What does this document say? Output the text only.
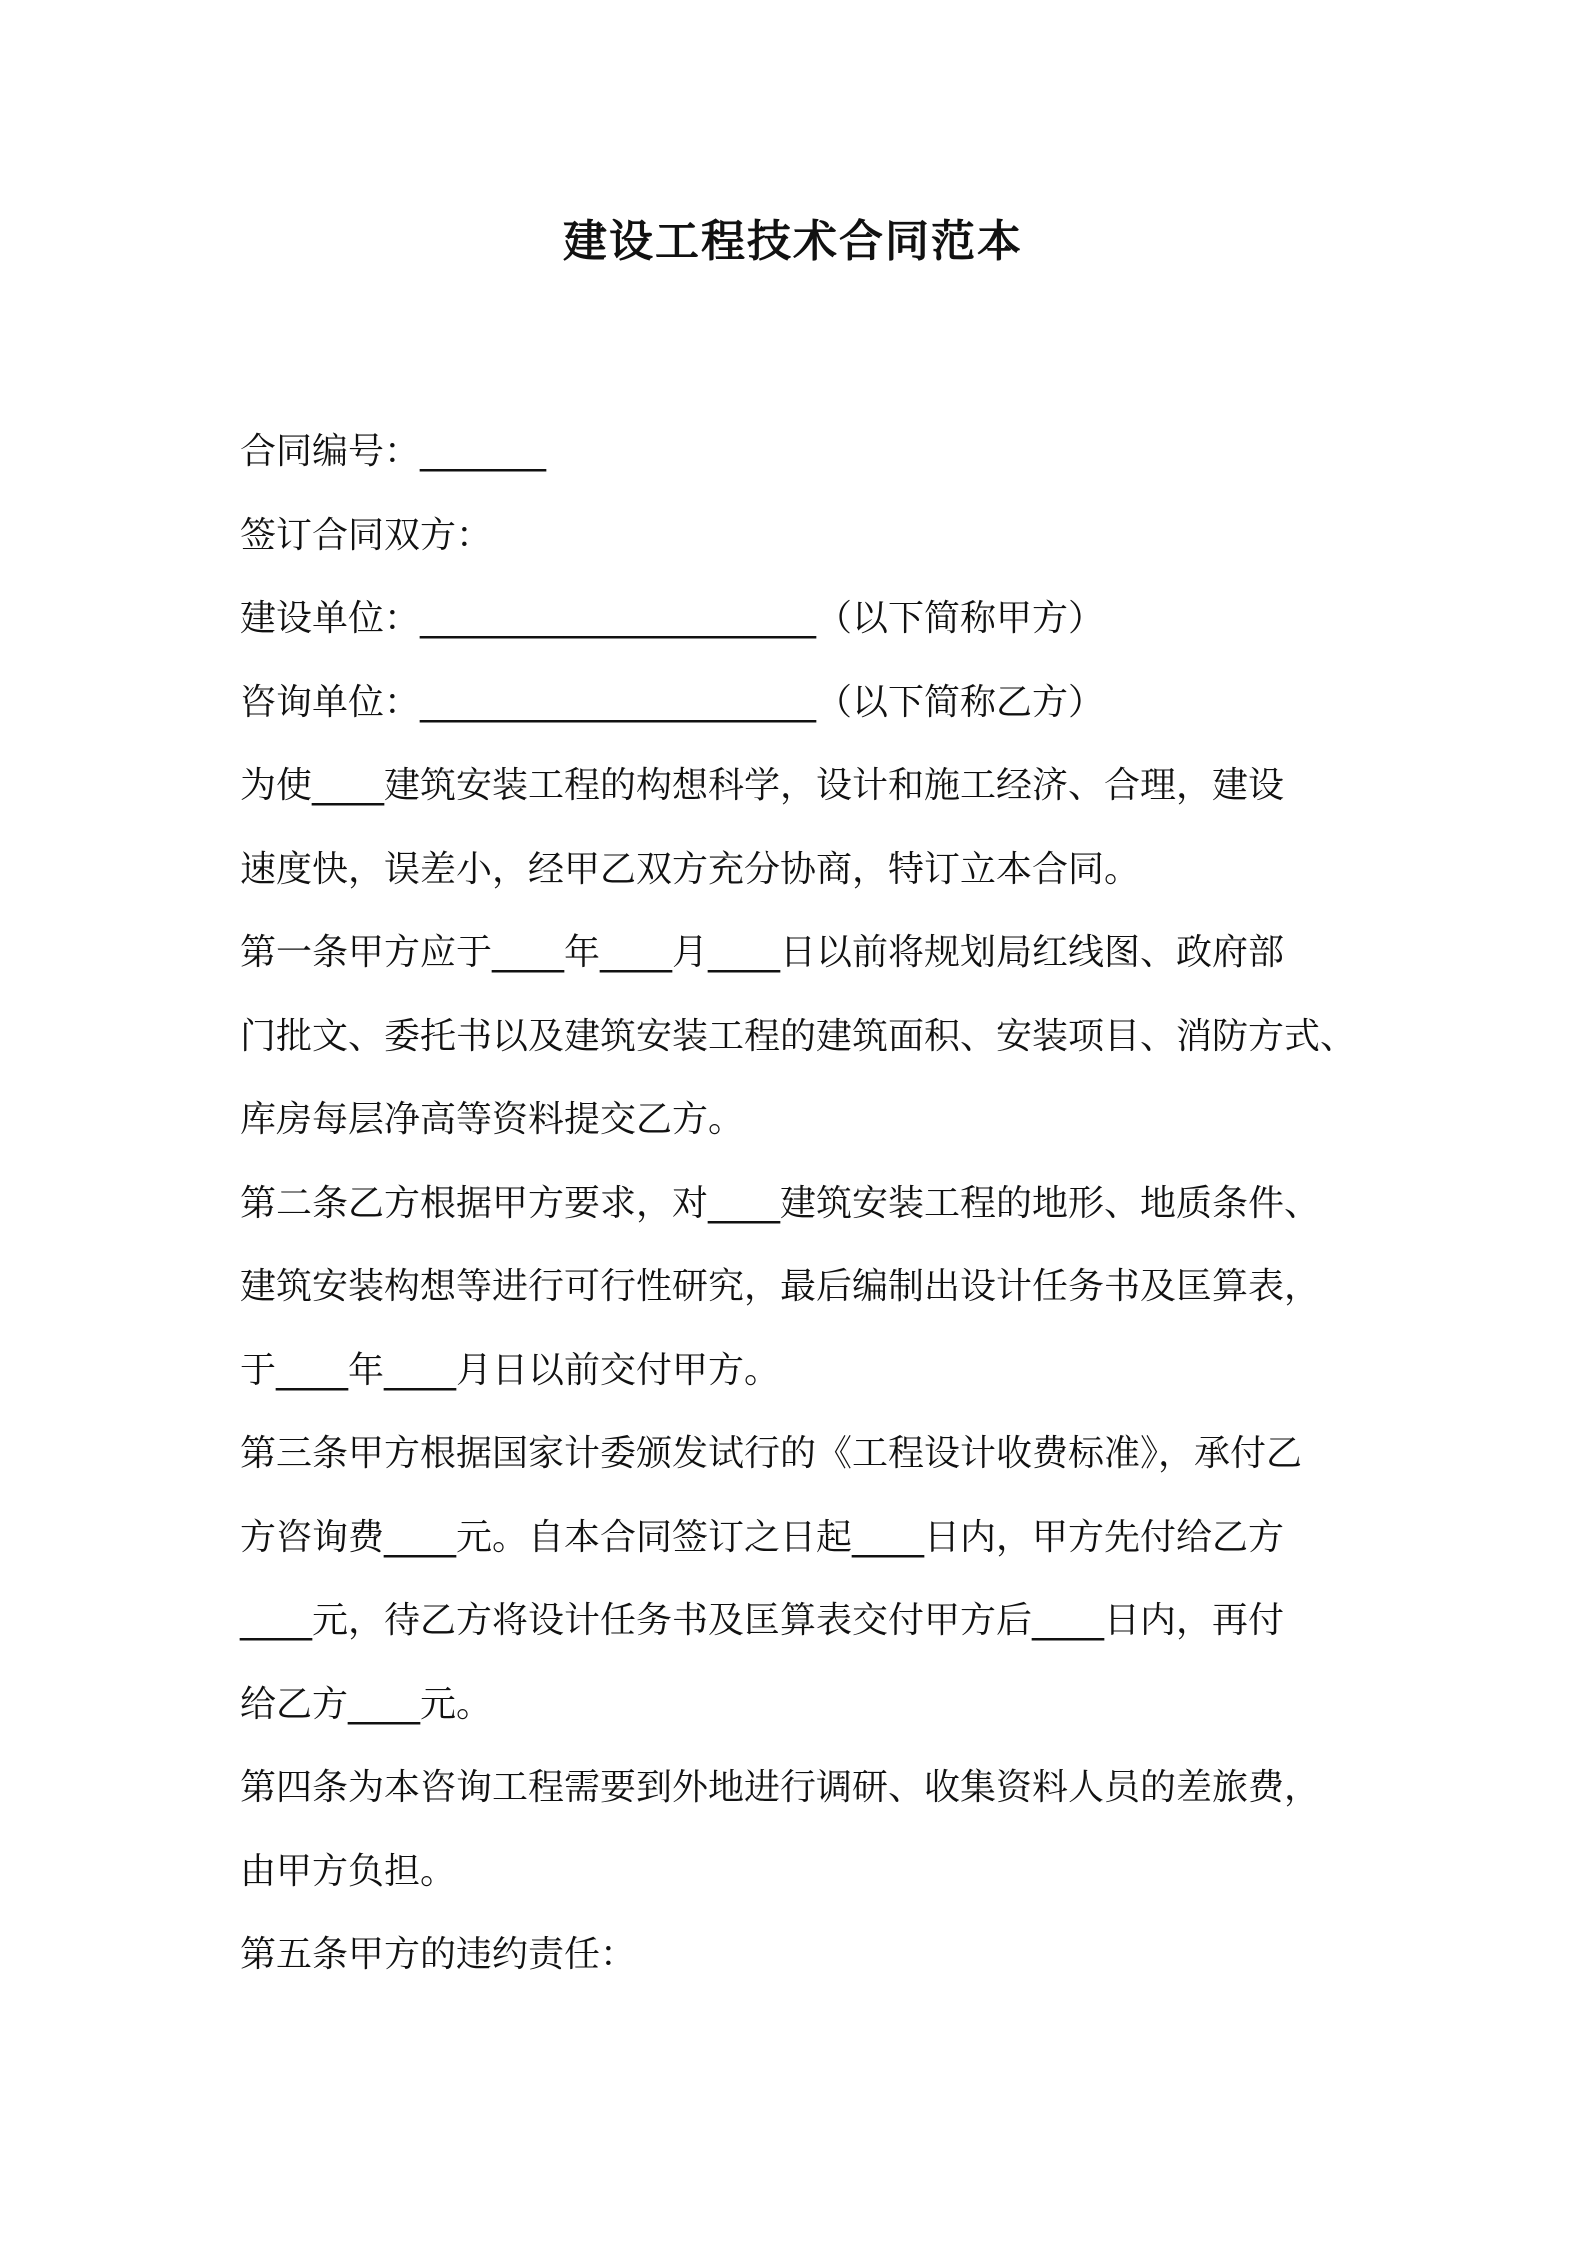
建设工程技术合同范本
合同编号：_______
签订合同双方：
建设单位：______________________（以下简称甲方）
咨询单位：______________________（以下简称乙方）
为使____建筑安装工程的构想科学，设计和施工经济、合理，建设
速度快，误差小，经甲乙双方充分协商，特订立本合同。
第一条甲方应于____年____月____日以前将规划局红线图、政府部
门批文、委托书以及建筑安装工程的建筑面积、安装项目、消防方式、
库房每层净高等资料提交乙方。
第二条乙方根据甲方要求，对____建筑安装工程的地形、地质条件、
建筑安装构想等进行可行性研究，最后编制出设计任务书及匡算表，
于____年____月日以前交付甲方。
第三条甲方根据国家计委颁发试行的《工程设计收费标准》，承付乙
方咨询费____元。自本合同签订之日起____日内，甲方先付给乙方
____元，待乙方将设计任务书及匡算表交付甲方后____日内，再付
给乙方____元。
第四条为本咨询工程需要到外地进行调研、收集资料人员的差旅费，
由甲方负担。
第五条甲方的违约责任：
